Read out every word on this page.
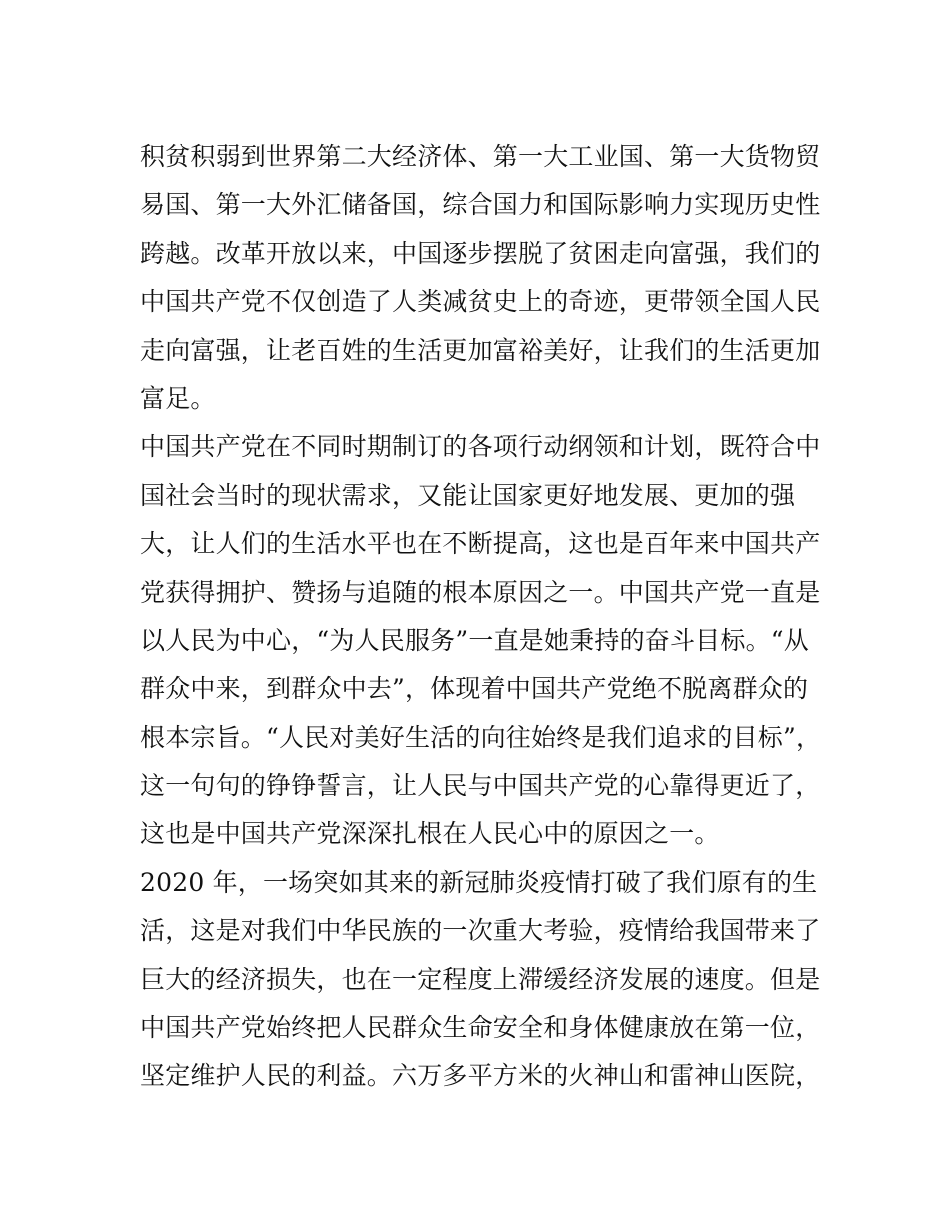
积贫积弱到世界第二大经济体、第一大工业国、第一大货物贸
易国、第一大外汇储备国，综合国力和国际影响力实现历史性
跨越。改革开放以来，中国逐步摆脱了贫困走向富强，我们的
中国共产党不仅创造了人类减贫史上的奇迹，更带领全国人民
走向富强，让老百姓的生活更加富裕美好，让我们的生活更加
富足。
中国共产党在不同时期制订的各项行动纲领和计划，既符合中
国社会当时的现状需求，又能让国家更好地发展、更加的强
大，让人们的生活水平也在不断提高，这也是百年来中国共产
党获得拥护、赞扬与追随的根本原因之一。中国共产党一直是
以人民为中心，“为人民服务”一直是她秉持的奋斗目标。“从
群众中来，到群众中去”，体现着中国共产党绝不脱离群众的
根本宗旨。“人民对美好生活的向往始终是我们追求的目标”，
这一句句的铮铮誓言，让人民与中国共产党的心靠得更近了，
这也是中国共产党深深扎根在人民心中的原因之一。
2020 年，一场突如其来的新冠肺炎疫情打破了我们原有的生
活，这是对我们中华民族的一次重大考验，疫情给我国带来了
巨大的经济损失，也在一定程度上滞缓经济发展的速度。但是
中国共产党始终把人民群众生命安全和身体健康放在第一位，
坚定维护人民的利益。六万多平方米的火神山和雷神山医院，
